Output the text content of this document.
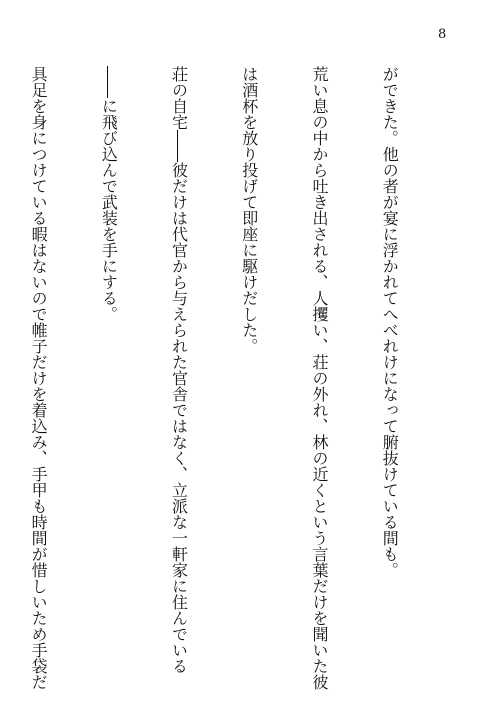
8

ができた。他の者が宴に浮かれてへべれけになって腑抜けている間も。

荒い息の中から吐き出される、人攫い、荘の外れ、林の近くという言葉だけを聞いた彼

は酒杯を放り投げて即座に駆けだした。

荘の自宅――彼だけは代官から与えられた官舎ではなく、立派な一軒家に住んでいる

――に飛び込んで武装を手にする。

具足を身につけている暇はないので帷子だけを着込み、手甲も時間が惜しいため手袋だ
